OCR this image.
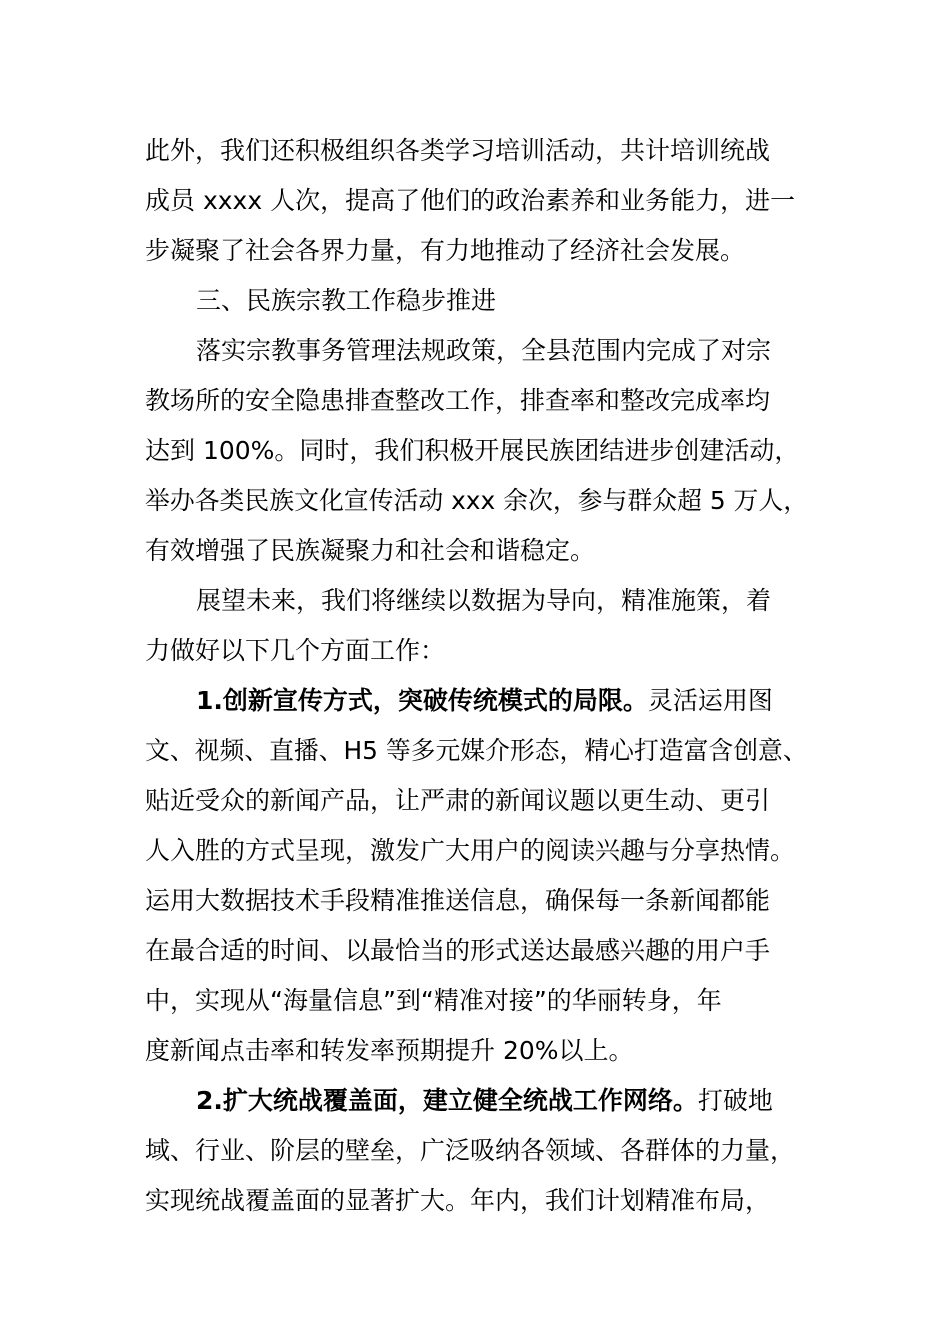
此外，我们还积极组织各类学习培训活动，共计培训统战
成员 xxxx 人次，提高了他们的政治素养和业务能力，进一
步凝聚了社会各界力量，有力地推动了经济社会发展。
三、民族宗教工作稳步推进
落实宗教事务管理法规政策，全县范围内完成了对宗
教场所的安全隐患排查整改工作，排查率和整改完成率均
达到 100%。同时，我们积极开展民族团结进步创建活动，
举办各类民族文化宣传活动 xxx 余次，参与群众超 5 万人，
有效增强了民族凝聚力和社会和谐稳定。
展望未来，我们将继续以数据为导向，精准施策，着
力做好以下几个方面工作：
1.创新宣传方式，突破传统模式的局限。灵活运用图
文、视频、直播、H5 等多元媒介形态，精心打造富含创意、
贴近受众的新闻产品，让严肃的新闻议题以更生动、更引
人入胜的方式呈现，激发广大用户的阅读兴趣与分享热情。
运用大数据技术手段精准推送信息，确保每一条新闻都能
在最合适的时间、以最恰当的形式送达最感兴趣的用户手
中，实现从“海量信息”到“精准对接”的华丽转身，年
度新闻点击率和转发率预期提升 20%以上。
2.扩大统战覆盖面，建立健全统战工作网络。打破地
域、行业、阶层的壁垒，广泛吸纳各领域、各群体的力量，
实现统战覆盖面的显著扩大。年内，我们计划精准布局，
